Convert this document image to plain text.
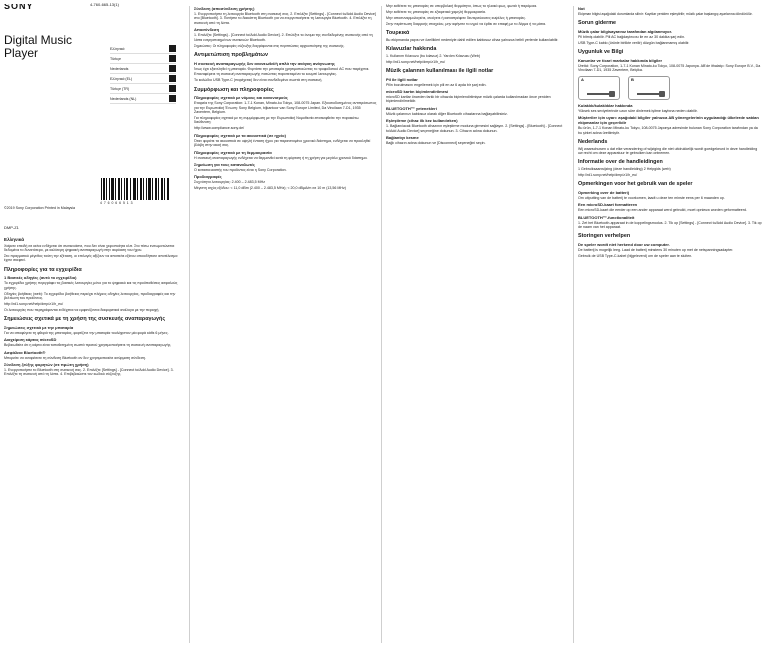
SONY
Digital Music
Player
4-760-665-13(1)
Ελληνικά
Türkçe
Nederlands
Ελληνικά (EL)
Türkçe (TR)
Nederlands (NL)
4 7 6 0 6 6 5 1 3
©2019 Sony Corporation Printed in Malaysia
DMP-Z1
Ελληνικά

Χαίρετε επειδή σε κείνα ενδέχεται ότι συσκευάστε, που δεν είναι χειροποίητα κλπ. Στο πίσω ενσωματώνεται δεδομένα το δυνατότερο, με καλύτερη ψηφιακή αναπαραγωγή στην ακρόαση του ήχου.

Στο πραγματικό μέγεθος τούτη την εξέταση, οι επιλογές αξίζουν να απαιτείτε εξίσου οποιοδήποτε αποτέλεσμα έχετε σκεφτεί.

Πληροφορίες για τα εγχειρίδια
1 Βασικές οδηγίες (αυτό το εγχειρίδιο)

Το εγχειρίδιο χρήσης περιγράφει τις βασικές λειτουργίες μόνο για το ψηφιακό και τις προϋποθέσεις ασφαλούς χρήσης.

Οδηγίες βοήθειας (web): Το εγχειρίδιο βοήθειας περιέχει πλήρεις οδηγίες λειτουργίας, προδιαγραφές και την βελτίωση του προϊόντος.

http://rd1.sony.net/help/dmp/z1/h_eu/

Οι λειτουργίες που περιγράφονται ενδέχεται να εμφανίζονται διαφορετικά ανάλογα με την περιοχή.

Σημειώσεις σχετικά με τη χρήση της συσκευής αναπαραγωγής
Σημειώσεις σχετικά με την μπαταρία

Για να αποφύγετε τη φθορά της μπαταρίας, φορτίζετε την μπαταρία τουλάχιστον μία φορά κάθε 6 μήνες.

Διαχείριση κάρτας microSD

Βεβαιωθείτε ότι η κάρτα είναι τοποθετημένη σωστά προτού χρησιμοποιήσετε τη συσκευή αναπαραγωγής.

Ασφάλεια Bluetooth®

Μπορείτε να αναιρέσετε τη σύνδεση Bluetooth αν δεν χρησιμοποιείτε ασύρματη σύνδεση.

Σύνδεση ζεύξης φορητών (σε πρώτη χρήση)

1. Ενεργοποιήστε το Bluetooth στη συσκευή σας. 2. Επιλέξτε [Settings] - [Connect to/Add Audio Device]. 3. Επιλέξτε τη συσκευή από τη λίστα. 4. Επιβεβαιώστε τον κωδικό σύζευξης.

Σύνδεση (αποσύνδεση χρήσης)

1. Ενεργοποιήστε τη λειτουργία Bluetooth στη συσκευή σας. 2. Επιλέξτε [Settings] - [Connect to/Add Audio Device] στο [Bluetooth]. 3. Πατήστε το διακόπτη Bluetooth για να ενεργοποιήσετε τη λειτουργία Bluetooth. 4. Επιλέξτε τη συσκευή από τη λίστα.

Αποσύνδεση

1. Επιλέξτε [Settings] - [Connect to/Add Audio Device]. 2. Επιλέξτε το όνομα της συνδεδεμένης συσκευής από τη λίστα ενεργοποιημένων συσκευών Bluetooth.

Σημειώσεις: Οι πληροφορίες σύζευξης διαγράφονται στις περιπτώσεις αρχικοποίησης της συσκευής.

Αντιμετώπιση προβλημάτων
Η συσκευή αναπαραγωγής δεν ανανεωθεί/ή απλά την ανάγκη ανάγνωσης

Ίσως έχει εξαντληθεί η μπαταρία. Φορτίστε την μπαταρία χρησιμοποιώντας το τροφοδοτικό AC που παρέχεται.

Επαναφέρετε τη συσκευή αναπαραγωγής πατώντας παρατεταμένα το κουμπί λειτουργίας.

Το καλώδιο USB Type-C (παρέχεται) δεν είναι συνδεδεμένο σωστά στη συσκευή.

Συμμόρφωση και πληροφορίες
Πληροφορίες σχετικά με νόμους και κανονισμούς

Εταιρεία της Sony Corporation: 1-7-1 Konan, Minato-ku Tokyo, 108-0075 Japan. Εξουσιοδοτημένος αντιπρόσωπος για την Ευρωπαϊκή Ένωση: Sony Belgium, bijkantoor van Sony Europe Limited, Da Vincilaan 7-D1, 1935 Zaventem, Belgium.

Για πληροφορίες σχετικά με τη συμμόρφωση με την Ευρωπαϊκή Νομοθεσία επισκεφθείτε την παρακάτω διεύθυνση:

http://www.compliance.sony.de/

Πληροφορίες σχετικά με τα ακουστικά (σε ηχείο)

Όταν φοράτε τα ακουστικά σε υψηλή ένταση ήχου για παρατεταμένο χρονικό διάστημα, ενδέχεται να προκληθεί βλάβη στην ακοή σας.

Πληροφορίες σχετικά με τη θερμοκρασία

Η συσκευή αναπαραγωγής ενδέχεται να θερμανθεί κατά τη φόρτιση ή τη χρήση για μεγάλο χρονικό διάστημα.

Σημείωση για τους καταναλωτές

Ο κατασκευαστής του προϊόντος είναι η Sony Corporation.

Προδιαγραφές

Συχνότητα λειτουργίας: 2.400 – 2.483,5 MHz

Μέγιστη ισχύς εξόδου: < 11,0 dBm (2.400 – 2.483,5 MHz); < 20,0 dBμA/m σε 10 m (13,56 MHz)

Μην εκθέτετε τις μπαταρίες σε υπερβολική θερμότητα, όπως το ηλιακό φως, φωτιά ή παρόμοια.

Μην εκθέτετε τις μπαταρίες σε εξαιρετικά χαμηλή θερμοκρασία.

Μην αποσυναρμολογείτε, ανοίγετε ή καταστρέφετε δευτερεύουσες κυψέλες ή μπαταρίες.

Στην περίπτωση διαρροής στοιχείου, μην αφήνετε το υγρό να έρθει σε επαφή με το δέρμα ή τα μάτια.

Τουρκικά

Bu ekipmanda yapısı ve özellikleri nedeniyle dahil edilen kablosuz cihaz yalnızca belirli yerlerde kullanılabilir.

Kılavuzlar hakkında

1. Kullanım Kılavuzu (bu kılavuz) 2. Yardım Kılavuzu (Web)

http://rd1.sony.net/help/dmp/z1/h_eu/

Müzik çalarının kullanılması ile ilgili notlar
Pil ile ilgili notlar

Pilin bozulmasını engellemek için pili en az 6 ayda bir şarj edin.

microSD kartın biçimlendirilmesi

microSD kartlar önceden farklı bir cihazda biçimlendirilmişse müzik çalarda kullanılmadan önce yeniden biçimlendirilmelidir.

BLUETOOTH™ yetenekleri

Müzik çalarınızı kablosuz olarak diğer Bluetooth cihazlarına bağlayabilirsiniz.

Eşleştirme (cihaz ilk kez kullanılırken)

1. Bağlanılacak Bluetooth cihazının eşleştirme moduna girmesini sağlayın. 2. [Settings] - [Bluetooth] - [Connect to/Add Audio Device] seçeneğine dokunun. 3. Cihazın adına dokunun.

Bağlantıyı kesme

Bağlı cihazın adına dokunun ve [Disconnect] seçeneğini seçin.

Not

Ekipman bilgisi aşağıdaki durumlarda silinir: Kayıtlar yeniden eşleştirilir; müzik çalar başlangıç ayarlarına döndürülür.

Sorun giderme
Müzik çalar bilgisayarınız tarafından algılanmıyor.

Pil bitmiş olabilir. Pili AC bağdaştırıcısı ile en az 30 dakika şarj edin.

USB Type-C kablo (ürünle birlikte verilir) düzgün bağlanmamış olabilir.

Uygunluk ve Bilgi
Kanunlar ve ticari markalar hakkında bilgiler

Üretici: Sony Corporation, 1-7-1 Konan Minato-ku Tokyo, 108-0075 Japonya. AB'de ithalatçı: Sony Europe B.V., Da Vincilaan 7-D1, 1935 Zaventem, Belçika.

A	B
Kulaklık/kulaklıklar hakkında

Yüksek ses seviyelerinde uzun süre dinlemek işitme kaybına neden olabilir.

Müşteriler için uyarı: aşağıdaki bilgiler yalnızca AB yönergelerinin uygulandığı ülkelerde satılan ekipmanlar için geçerlidir

Bu ürün, 1-7-1 Konan Minato-ku Tokyo, 108-0075 Japonya adresinde bulunan Sony Corporation tarafından ya da bu şirket adına üretilmiştir.

Nederlands

Wij waarschuwen u dat elke verandering of wijziging die niet uitdrukkelijk wordt goedgekeurd in deze handleiding uw recht om deze apparatuur te gebruiken kan ontnemen.

Informatie over de handleidingen

1 Gebruiksaanwijzing (deze handleiding) 2 Helpgids (web)

http://rd1.sony.net/help/dmp/z1/h_eu/

Opmerkingen voor het gebruik van de speler
Opmerking over de batterij

Om uitputting van de batterij te voorkomen, laadt u deze ten minste eens per 6 maanden op.

Een microSD-kaart formatteren

Een microSD-kaart die eerder op een ander apparaat werd gebruikt, moet opnieuw worden geformatteerd.

BLUETOOTH™-functionaliteit

1. Zet het Bluetooth-apparaat in de koppelingsmodus. 2. Tik op [Settings] - [Connect to/Add Audio Device]. 3. Tik op de naam van het apparaat.

Storingen verhelpen
De speler wordt niet herkend door uw computer.

De batterij is mogelijk leeg. Laad de batterij minstens 30 minuten op met de netspanningsadapter.

Gebruik de USB Type-C-kabel (bijgeleverd) om de speler aan te sluiten.
